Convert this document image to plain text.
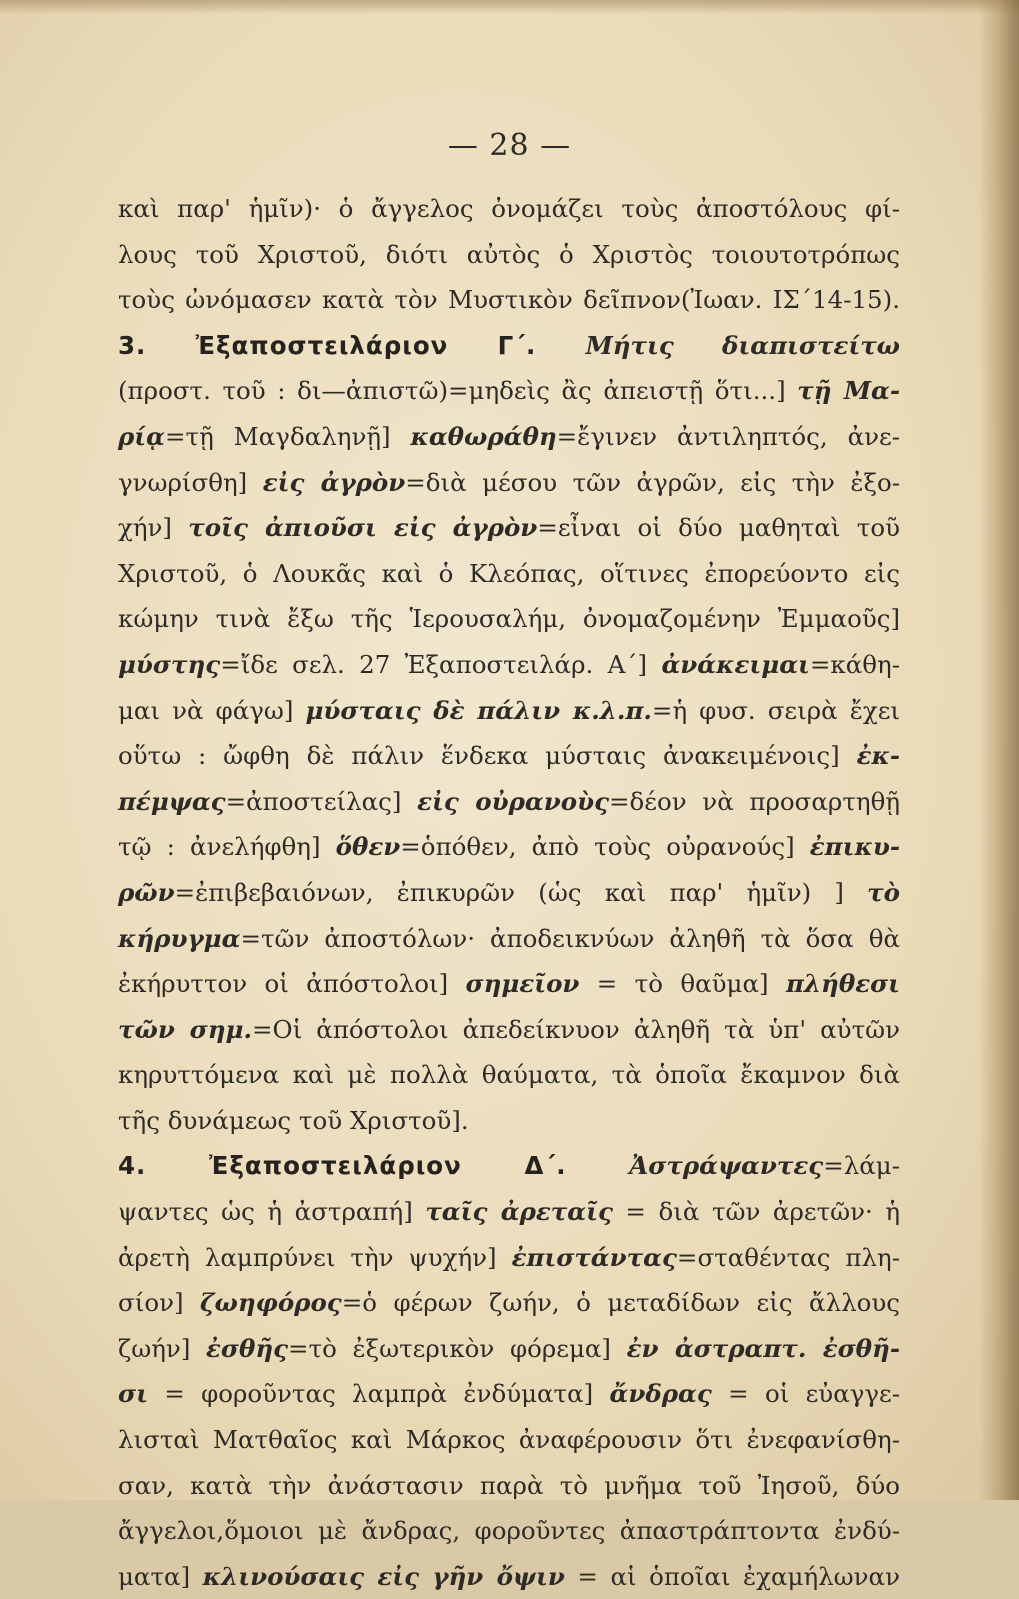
— 28 —
καὶ παρ' ἡμῖν)· ὁ ἄγγελος ὀνομάζει τοὺς ἀποστόλους φί-
λους τοῦ Χριστοῦ, διότι αὐτὸς ὁ Χριστὸς τοιουτοτρόπως
τοὺς ὠνόμασεν κατὰ τὸν Μυστικὸν δεῖπνον(Ἰωαν. ΙΣ΄14-15).
3. Ἐξαποστειλάριον Γ΄. Μήτις διαπιστείτω
(προστ. τοῦ : δι—ἀπιστῶ)=μηδεὶς ἂς ἀπειστῇ ὅτι...] τῇ Μα-
ρίᾳ=τῇ Μαγδαληνῇ] καθωράθη=ἔγινεν ἀντιληπτός, ἀνε-
γνωρίσθη] εἰς ἀγρὸν=διὰ μέσου τῶν ἀγρῶν, εἰς τὴν ἐξο-
χήν] τοῖς ἀπιοῦσι εἰς ἀγρὸν=εἶναι οἱ δύο μαθηταὶ τοῦ
Χριστοῦ, ὁ Λουκᾶς καὶ ὁ Κλεόπας, οἵτινες ἐπορεύοντο εἰς
κώμην τινὰ ἔξω τῆς Ἱερουσαλήμ, ὀνομαζομένην Ἐμμαοῦς]
μύστης=ἴδε σελ. 27 Ἐξαποστειλάρ. Α΄] ἀνάκειμαι=κάθη-
μαι νὰ φάγω] μύσταις δὲ πάλιν κ.λ.π.=ἡ φυσ. σειρὰ ἔχει
οὕτω : ὤφθη δὲ πάλιν ἕνδεκα μύσταις ἀνακειμένοις] ἐκ-
πέμψας=ἀποστείλας] εἰς οὐρανοὺς=δέον νὰ προσαρτηθῇ
τῷ : ἀνελήφθη] ὅθεν=ὁπόθεν, ἀπὸ τοὺς οὐρανούς] ἐπικυ-
ρῶν=ἐπιβεβαιόνων, ἐπικυρῶν (ὡς καὶ παρ' ἡμῖν) ] τὸ
κήρυγμα=τῶν ἀποστόλων· ἀποδεικνύων ἀληθῆ τὰ ὅσα θὰ
ἐκήρυττον οἱ ἀπόστολοι] σημεῖον = τὸ θαῦμα] πλήθεσι
τῶν σημ.=Οἱ ἀπόστολοι ἀπεδείκνυον ἀληθῆ τὰ ὑπ' αὐτῶν
κηρυττόμενα καὶ μὲ πολλὰ θαύματα, τὰ ὁποῖα ἔκαμνον διὰ
τῆς δυνάμεως τοῦ Χριστοῦ].
4. Ἐξαποστειλάριον Δ΄. Ἀστράψαντες=λάμ-
ψαντες ὡς ἡ ἀστραπή] ταῖς ἀρεταῖς = διὰ τῶν ἀρετῶν· ἡ
ἀρετὴ λαμπρύνει τὴν ψυχήν] ἐπιστάντας=σταθέντας πλη-
σίον] ζωηφόρος=ὁ φέρων ζωήν, ὁ μεταδίδων εἰς ἄλλους
ζωήν] ἐσθῆς=τὸ ἐξωτερικὸν φόρεμα] ἐν ἀστραπτ. ἐσθῆ-
σι = φοροῦντας λαμπρὰ ἐνδύματα] ἄνδρας = οἱ εὐαγγε-
λισταὶ Ματθαῖος καὶ Μάρκος ἀναφέρουσιν ὅτι ἐνεφανίσθη-
σαν, κατὰ τὴν ἀνάστασιν παρὰ τὸ μνῆμα τοῦ Ἰησοῦ, δύο
ἄγγελοι,ὅμοιοι μὲ ἄνδρας, φοροῦντες ἀπαστράπτοντα ἐνδύ-
ματα] κλινούσαις εἰς γῆν ὄψιν = αἱ ὁποῖαι ἐχαμήλωναν
